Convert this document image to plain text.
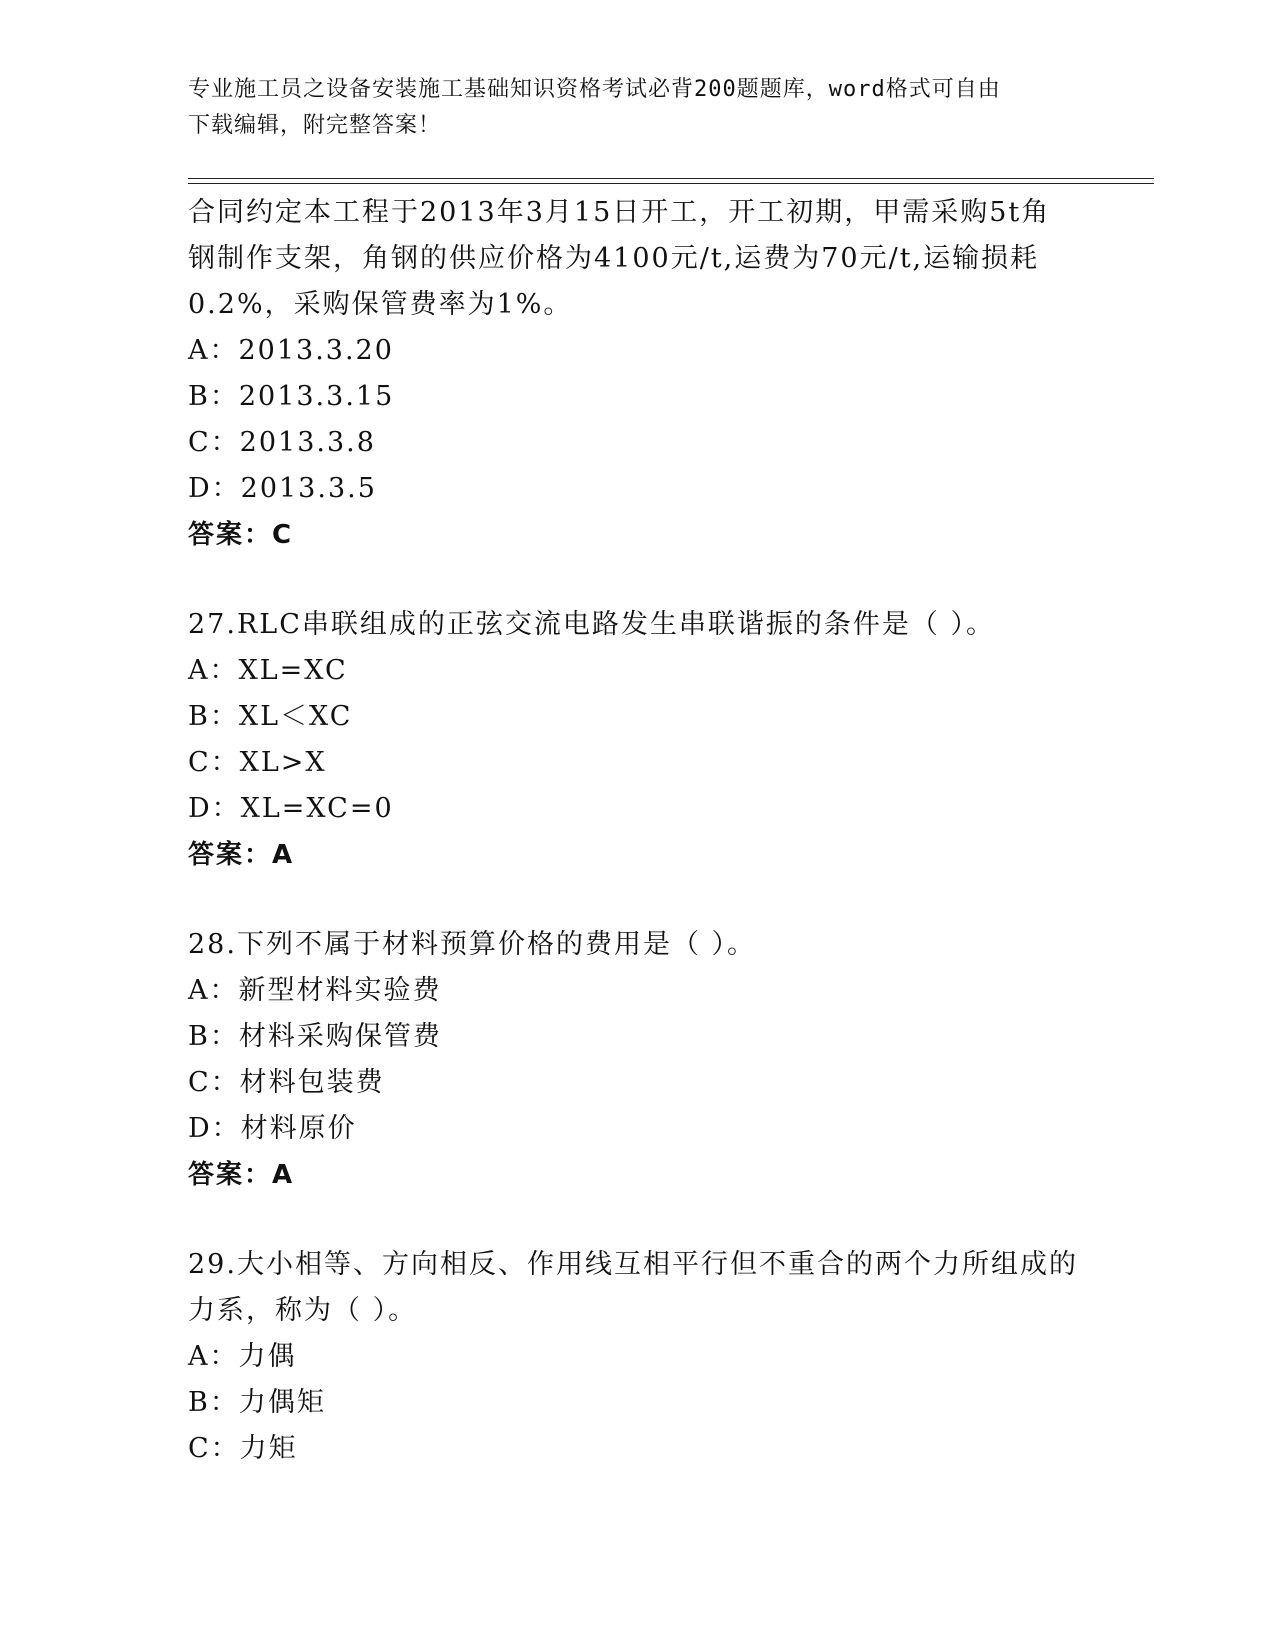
专业施工员之设备安装施工基础知识资格考试必背200题题库，word格式可自由
下载编辑，附完整答案！
合同约定本工程于2013年3月15日开工，开工初期，甲需采购5t角
钢制作支架，角钢的供应价格为4100元/t,运费为70元/t,运输损耗
0.2%，采购保管费率为1%。
A：2013.3.20
B：2013.3.15
C：2013.3.8
D：2013.3.5
答案：C
27.RLC串联组成的正弦交流电路发生串联谐振的条件是（ ）。
A：XL=XC
B：XL＜XC
C：XL>X
D：XL=XC=0
答案：A
28.下列不属于材料预算价格的费用是（ ）。
A：新型材料实验费
B：材料采购保管费
C：材料包装费
D：材料原价
答案：A
29.大小相等、方向相反、作用线互相平行但不重合的两个力所组成的
力系，称为（ ）。
A：力偶
B：力偶矩
C：力矩
